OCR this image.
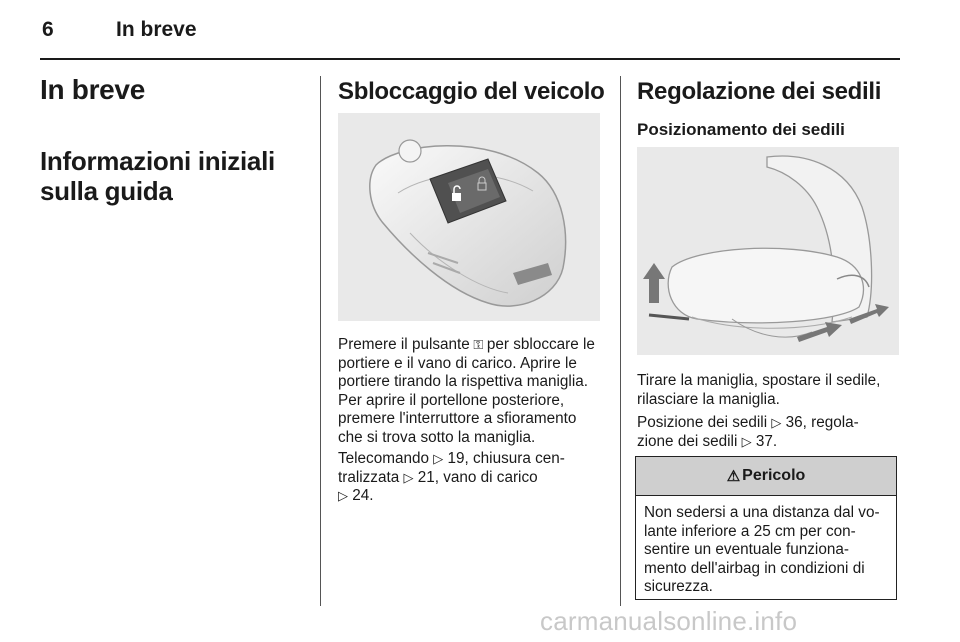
6	In breve
In breve
Informazioni iniziali
sulla guida
Sbloccaggio del veicolo
Premere il pulsante ⚿ per sbloccare le
portiere e il vano di carico. Aprire le
portiere tirando la rispettiva maniglia.
Per aprire il portellone posteriore,
premere l'interruttore a sfioramento
che si trova sotto la maniglia.
Telecomando ▷ 19, chiusura cen-
tralizzata ▷ 21, vano di carico
▷ 24.
Regolazione dei sedili
Posizionamento dei sedili
Tirare la maniglia, spostare il sedile,
rilasciare la maniglia.
Posizione dei sedili ▷ 36, regola-
zione dei sedili ▷ 37.
⚠ Pericolo
Non sedersi a una distanza dal vo-
lante inferiore a 25 cm per con-
sentire un eventuale funziona-
mento dell'airbag in condizioni di
sicurezza.
carmanualsonline.info
